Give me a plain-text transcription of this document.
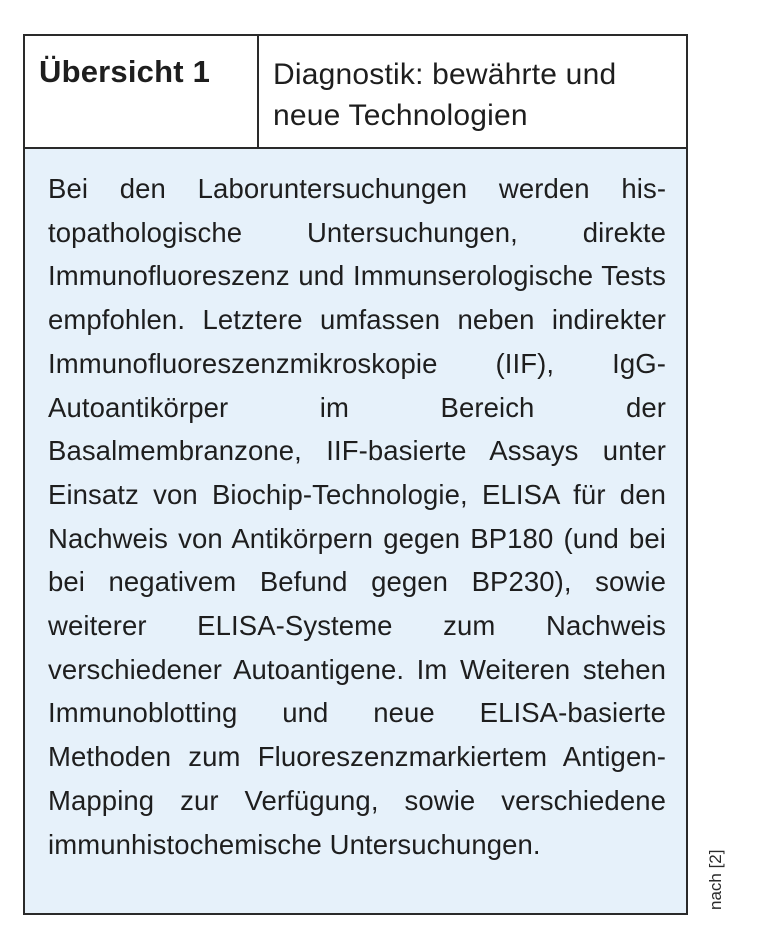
Übersicht 1	Diagnostik: bewährte und neue Technologien

Bei den Laboruntersuchungen werden histopathologische Untersuchungen, direkte Immunofluoreszenz und Immunserologische Tests empfohlen. Letztere umfassen neben indirekter Immunofluoreszenzmikroskopie (IIF), IgG-Autoantikörper im Bereich der Basalmembranzone, IIF-basierte Assays unter Einsatz von Biochip-Technologie, ELISA für den Nachweis von Antikörpern gegen BP180 (und bei bei negativem Befund gegen BP230), sowie weiterer ELISA-Systeme zum Nachweis verschiedener Autoantigene. Im Weiteren stehen Immunoblotting und neue ELISA-basierte Methoden zum Fluoreszenzmarkiertem Antigen-Mapping zur Verfügung, sowie verschiedene immunhistochemische Untersuchungen.

nach [2]
